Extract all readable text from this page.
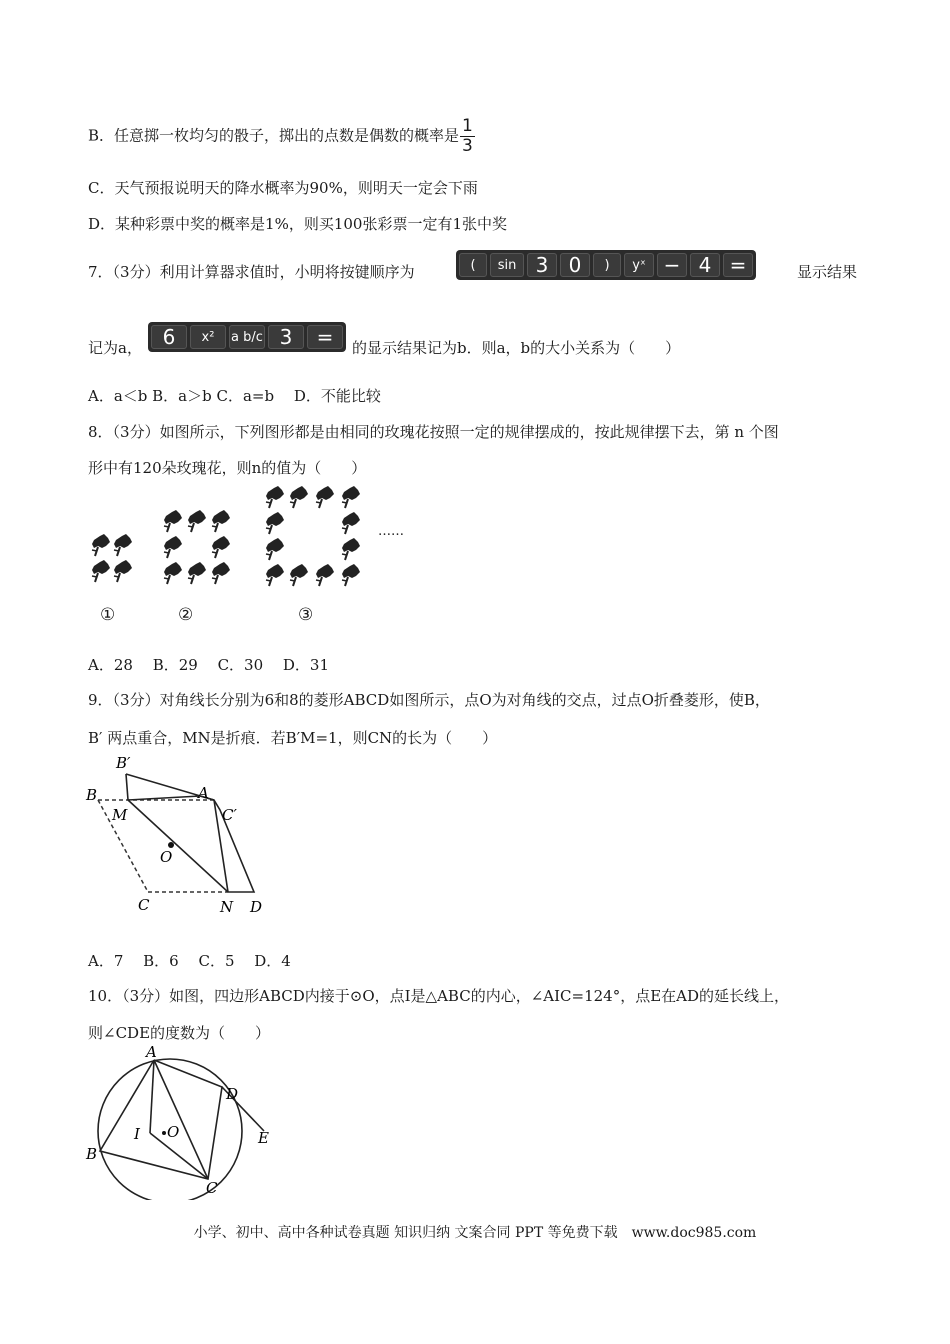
B．任意掷一枚均匀的骰子，掷出的点数是偶数的概率是 $\frac{1}{3}$
C．天气预报说明天的降水概率为90%，则明天一定会下雨
D．某种彩票中奖的概率是1%，则买100张彩票一定有1张中奖
7．（3分）利用计算器求值时，小明将按键顺序为	(	sin 3	0	)	yˣ − 4 =	显示结果
记为a，	6	x²	a b/c 3	=	的显示结果记为b．则a，b的大小关系为（　　）
A．a＜b B．a＞b C．a=b　 D．不能比较
8．（3分）如图所示，下列图形都是由相同的玫瑰花按照一定的规律摆成的，按此规律摆下去，第 n 个图
形中有120朵玫瑰花，则n的值为（　　）
……
①	②	③
A．28　 B．29　 C．30　 D．31
9．（3分）对角线长分别为6和8的菱形ABCD如图所示，点O为对角线的交点，过点O折叠菱形，使B，
B′ 两点重合，MN是折痕．若B′M=1，则CN的长为（　　）
B′
B	A
M	C′
O
C	N D
A．7　 B．6　 C．5　 D．4
10．（3分）如图，四边形ABCD内接于⊙O，点I是△ABC的内心，∠AIC=124°，点E在AD的延长线上，
则∠CDE的度数为（　　）
A
D
I O	E
B
C
小学、初中、高中各种试卷真题 知识归纳 文案合同 PPT 等免费下载　www.doc985.com
